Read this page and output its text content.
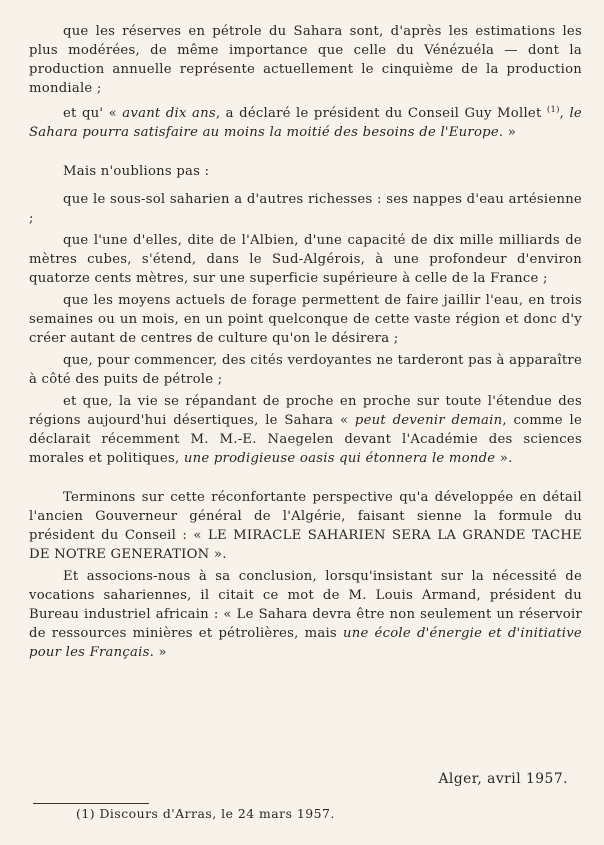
que les réserves en pétrole du Sahara sont, d'après les estimations les plus modérées, de même importance que celle du Vénézuéla — dont la production annuelle représente actuellement le cinquième de la production mondiale ;

et qu' « avant dix ans, a déclaré le président du Conseil Guy Mollet $^{(1)}$, le Sahara pourra satisfaire au moins la moitié des besoins de l'Europe. »

Mais n'oublions pas :

que le sous-sol saharien a d'autres richesses : ses nappes d'eau artésienne ;

que l'une d'elles, dite de l'Albien, d'une capacité de dix mille milliards de mètres cubes, s'étend, dans le Sud-Algérois, à une profondeur d'environ quatorze cents mètres, sur une superficie supérieure à celle de la France ;

que les moyens actuels de forage permettent de faire jaillir l'eau, en trois semaines ou un mois, en un point quelconque de cette vaste région et donc d'y créer autant de centres de culture qu'on le désirera ;

que, pour commencer, des cités verdoyantes ne tarderont pas à apparaître à côté des puits de pétrole ;

et que, la vie se répandant de proche en proche sur toute l'étendue des régions aujourd'hui désertiques, le Sahara « peut devenir demain, comme le déclarait récemment M. M.-E. Naegelen devant l'Académie des sciences morales et politiques, une prodigieuse oasis qui étonnera le monde ».

Terminons sur cette réconfortante perspective qu'a développée en détail l'ancien Gouverneur général de l'Algérie, faisant sienne la formule du président du Conseil : « LE MIRACLE SAHARIEN SERA LA GRANDE TACHE DE NOTRE GENERATION ».

Et associons-nous à sa conclusion, lorsqu'insistant sur la nécessité de vocations sahariennes, il citait ce mot de M. Louis Armand, président du Bureau industriel africain : « Le Sahara devra être non seulement un réservoir de ressources minières et pétrolières, mais une école d'énergie et d'initiative pour les Français. »

Alger, avril 1957.
(1) Discours d'Arras, le 24 mars 1957.
